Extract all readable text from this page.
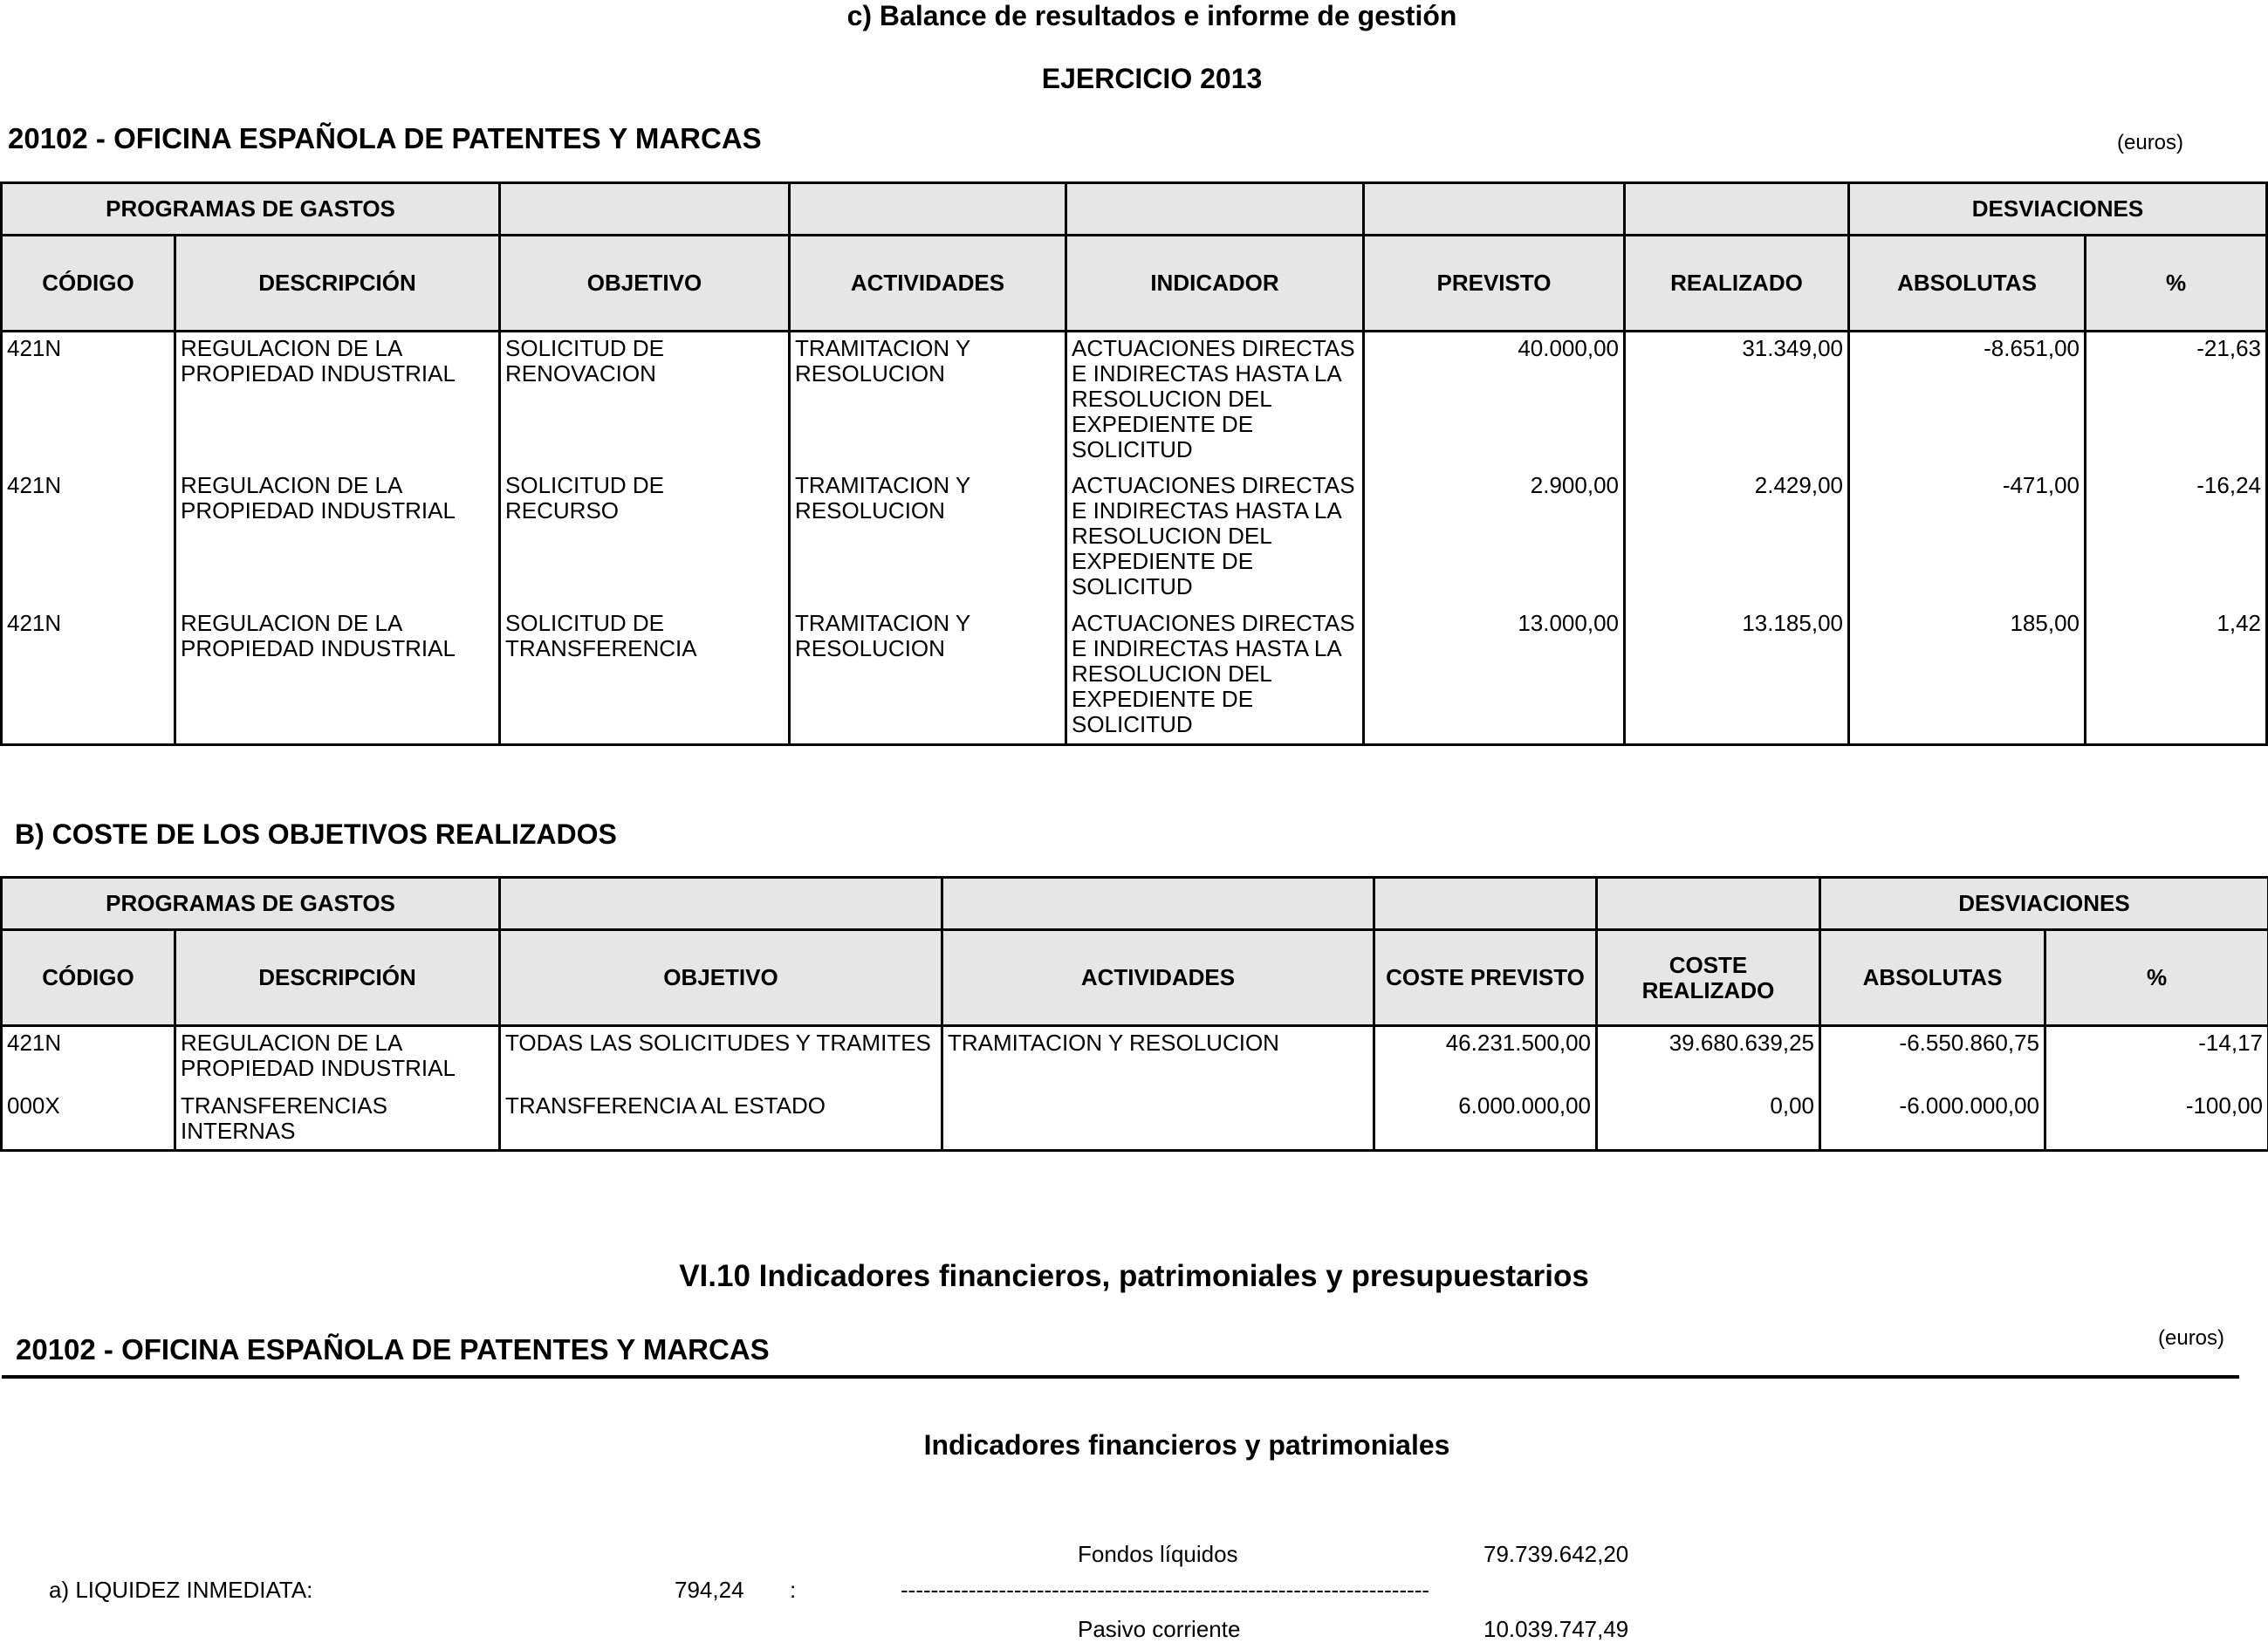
c) Balance de resultados e informe de gestión
EJERCICIO 2013
20102 - OFICINA ESPAÑOLA DE PATENTES Y MARCAS	(euros)
PROGRAMAS DE GASTOS							DESVIACIONES	
CÓDIGO	DESCRIPCIÓN	OBJETIVO	ACTIVIDADES	INDICADOR	PREVISTO	REALIZADO	ABSOLUTAS	%
421N	REGULACION DE LA PROPIEDAD INDUSTRIAL	SOLICITUD DE RENOVACION	TRAMITACION Y RESOLUCION	ACTUACIONES DIRECTAS E INDIRECTAS HASTA LA RESOLUCION DEL EXPEDIENTE DE SOLICITUD	40.000,00	31.349,00	-8.651,00	-21,63
421N	REGULACION DE LA PROPIEDAD INDUSTRIAL	SOLICITUD DE RECURSO	TRAMITACION Y RESOLUCION	ACTUACIONES DIRECTAS E INDIRECTAS HASTA LA RESOLUCION DEL EXPEDIENTE DE SOLICITUD	2.900,00	2.429,00	-471,00	-16,24
421N	REGULACION DE LA PROPIEDAD INDUSTRIAL	SOLICITUD DE TRANSFERENCIA	TRAMITACION Y RESOLUCION	ACTUACIONES DIRECTAS E INDIRECTAS HASTA LA RESOLUCION DEL EXPEDIENTE DE SOLICITUD	13.000,00	13.185,00	185,00	1,42
B) COSTE DE LOS OBJETIVOS REALIZADOS
PROGRAMAS DE GASTOS						DESVIACIONES	
CÓDIGO	DESCRIPCIÓN	OBJETIVO	ACTIVIDADES	COSTE PREVISTO	COSTE REALIZADO	ABSOLUTAS	%
421N	REGULACION DE LA PROPIEDAD INDUSTRIAL	TODAS LAS SOLICITUDES Y TRAMITES	TRAMITACION Y RESOLUCION	46.231.500,00	39.680.639,25	-6.550.860,75	-14,17
000X	TRANSFERENCIAS INTERNAS	TRANSFERENCIA AL ESTADO		6.000.000,00	0,00	-6.000.000,00	-100,00
VI.10 Indicadores financieros, patrimoniales y presupuestarios
20102 - OFICINA ESPAÑOLA DE PATENTES Y MARCAS	(euros)
Indicadores financieros y patrimoniales
Fondos líquidos	79.739.642,20
a) LIQUIDEZ INMEDIATA:	794,24 :	----------------------------------------------------------------------
Pasivo corriente	10.039.747,49
